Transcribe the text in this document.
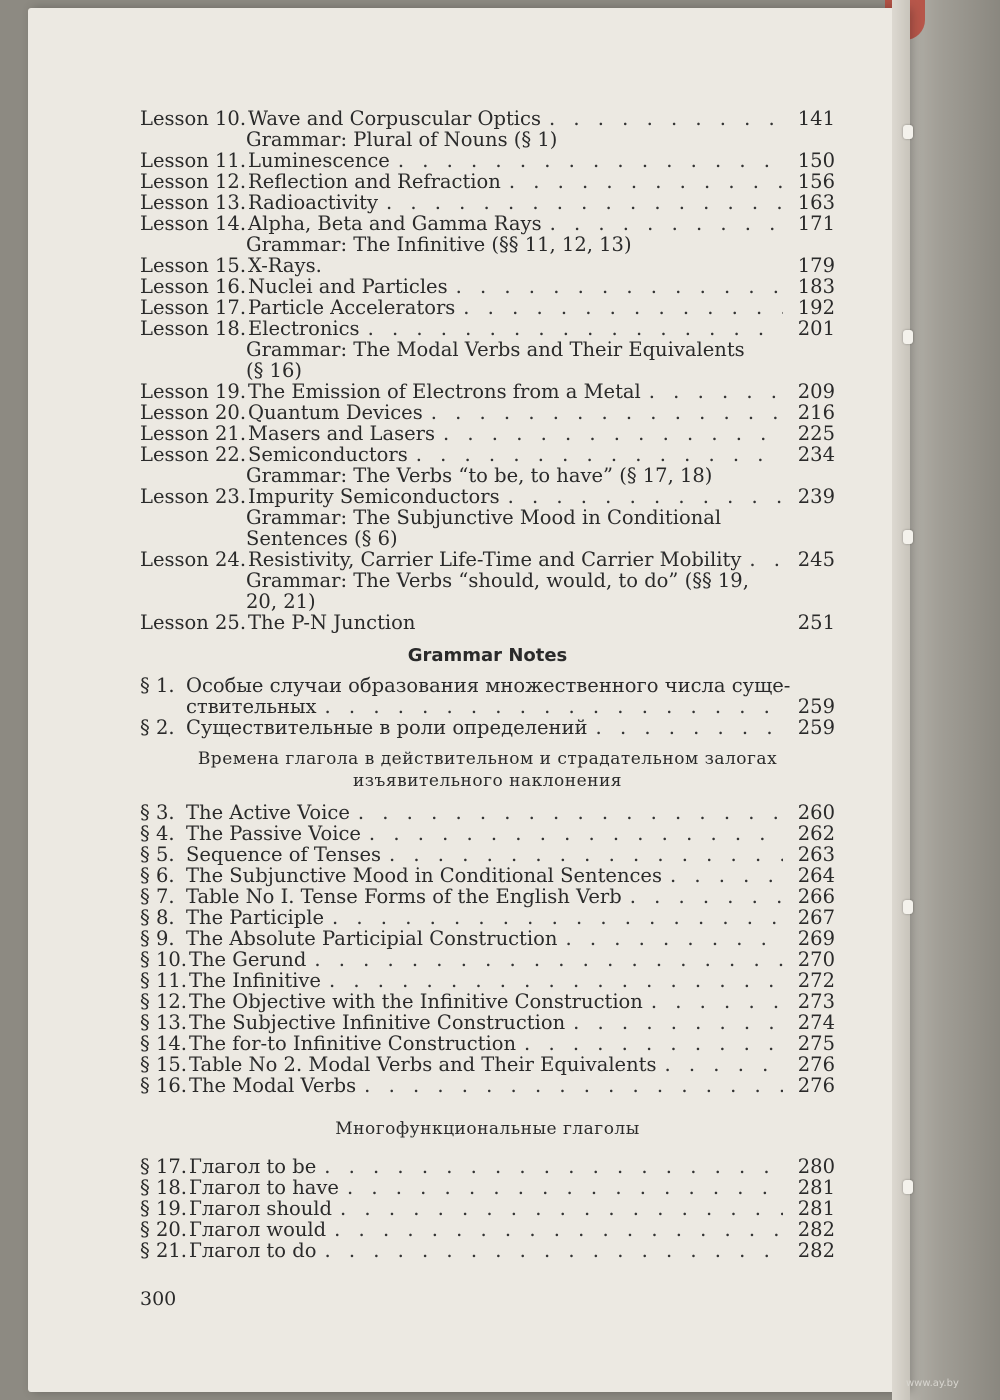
Lesson 10. Wave and Corpuscular Optics . . .	141
Grammar: Plural of Nouns (§ 1)
Lesson 11. Luminescence . . .	150
Lesson 12. Reflection and Refraction . . .	156
Lesson 13. Radioactivity . . .	163
Lesson 14. Alpha, Beta and Gamma Rays . . .	171
Grammar: The Infinitive (§§ 11, 12, 13)
Lesson 15. X-Rays.	179
Lesson 16. Nuclei and Particles . . .	183
Lesson 17. Particle Accelerators . . .	192
Lesson 18. Electronics . . .	201
Grammar: The Modal Verbs and Their Equivalents
(§ 16)
Lesson 19. The Emission of Electrons from a Metal . . .	209
Lesson 20. Quantum Devices . . .	216
Lesson 21. Masers and Lasers . . .	225
Lesson 22. Semiconductors . . .	234
Grammar: The Verbs “to be, to have” (§ 17, 18)
Lesson 23. Impurity Semiconductors . . .	239
Grammar: The Subjunctive Mood in Conditional
Sentences (§ 6)
Lesson 24. Resistivity, Carrier Life-Time and Carrier Mobility . . .	245
Grammar: The Verbs “should, would, to do” (§§ 19,
20, 21)
Lesson 25. The P-N Junction	251
Grammar Notes
§ 1. Особые случаи образования множественного числа суще-
ствительных . . .	259
§ 2. Существительные в роли определений . . .	259
Времена глагола в действительном и страдательном залогах
изъявительного наклонения
§ 3. The Active Voice . . .	260
§ 4. The Passive Voice . . .	262
§ 5. Sequence of Tenses . . .	263
§ 6. The Subjunctive Mood in Conditional Sentences . . .	264
§ 7. Table No I. Tense Forms of the English Verb . . .	266
§ 8. The Participle . . .	267
§ 9. The Absolute Participial Construction . . .	269
§ 10. The Gerund . . .	270
§ 11. The Infinitive . . .	272
§ 12. The Objective with the Infinitive Construction . . .	273
§ 13. The Subjective Infinitive Construction . . .	274
§ 14. The for-to Infinitive Construction . . .	275
§ 15. Table No 2. Modal Verbs and Their Equivalents . . .	276
§ 16. The Modal Verbs . . .	276
Многофункциональные глаголы
§ 17. Глагол to be . . .	280
§ 18. Глагол to have . . .	281
§ 19. Глагол should . . .	281
§ 20. Глагол would . . .	282
§ 21. Глагол to do . . .	282
300
www.ay.by
